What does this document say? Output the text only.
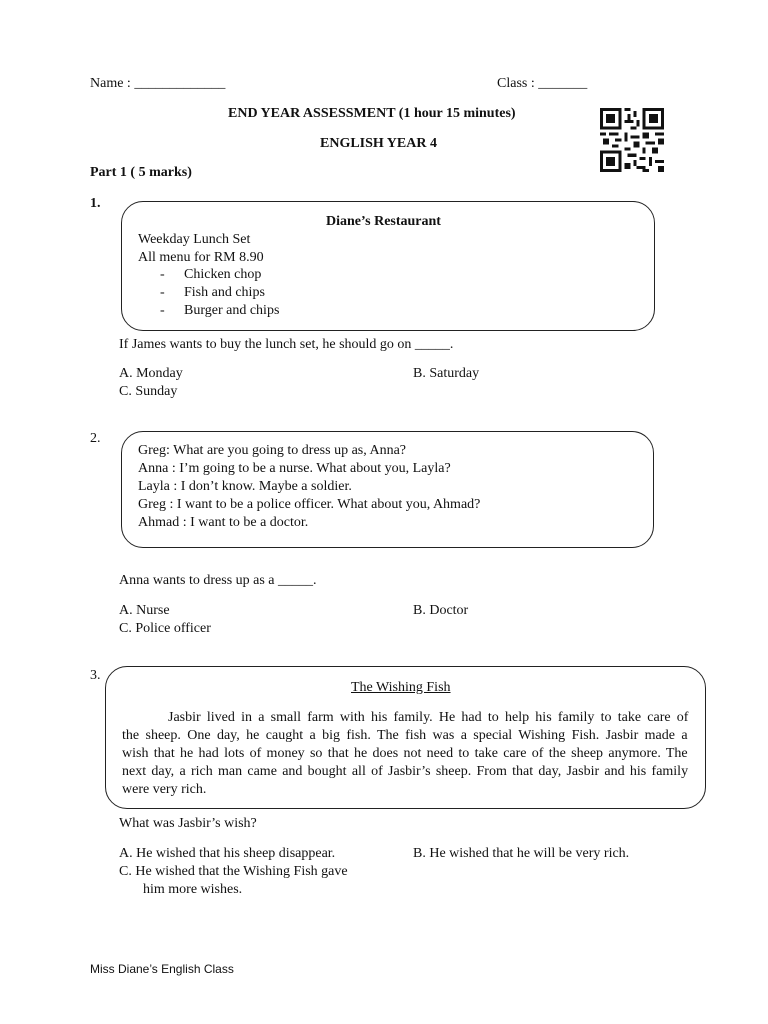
Name : _____________	Class : _______
END YEAR ASSESSMENT (1 hour 15 minutes)
ENGLISH YEAR 4
Part 1 ( 5 marks)
1.
Diane’s Restaurant
Weekday Lunch Set
All menu for RM 8.90
- Chicken chop
- Fish and chips
- Burger and chips
If James wants to buy the lunch set, he should go on _____.
A. Monday	B. Saturday
C. Sunday
2.
Greg: What are you going to dress up as, Anna?
Anna : I’m going to be a nurse. What about you, Layla?
Layla : I don’t know. Maybe a soldier.
Greg : I want to be a police officer. What about you, Ahmad?
Ahmad : I want to be a doctor.
Anna wants to dress up as a _____.
A. Nurse	B. Doctor
C. Police officer
3.
The Wishing Fish
Jasbir lived in a small farm with his family. He had to help his family to take care of
the sheep. One day, he caught a big fish. The fish was a special Wishing Fish. Jasbir made a
wish that he had lots of money so that he does not need to take care of the sheep anymore. The
next day, a rich man came and bought all of Jasbir’s sheep. From that day, Jasbir and his family
were very rich.
What was Jasbir’s wish?
A. He wished that his sheep disappear.	B. He wished that he will be very rich.
C. He wished that the Wishing Fish gave
him more wishes.
Miss Diane’s English Class
